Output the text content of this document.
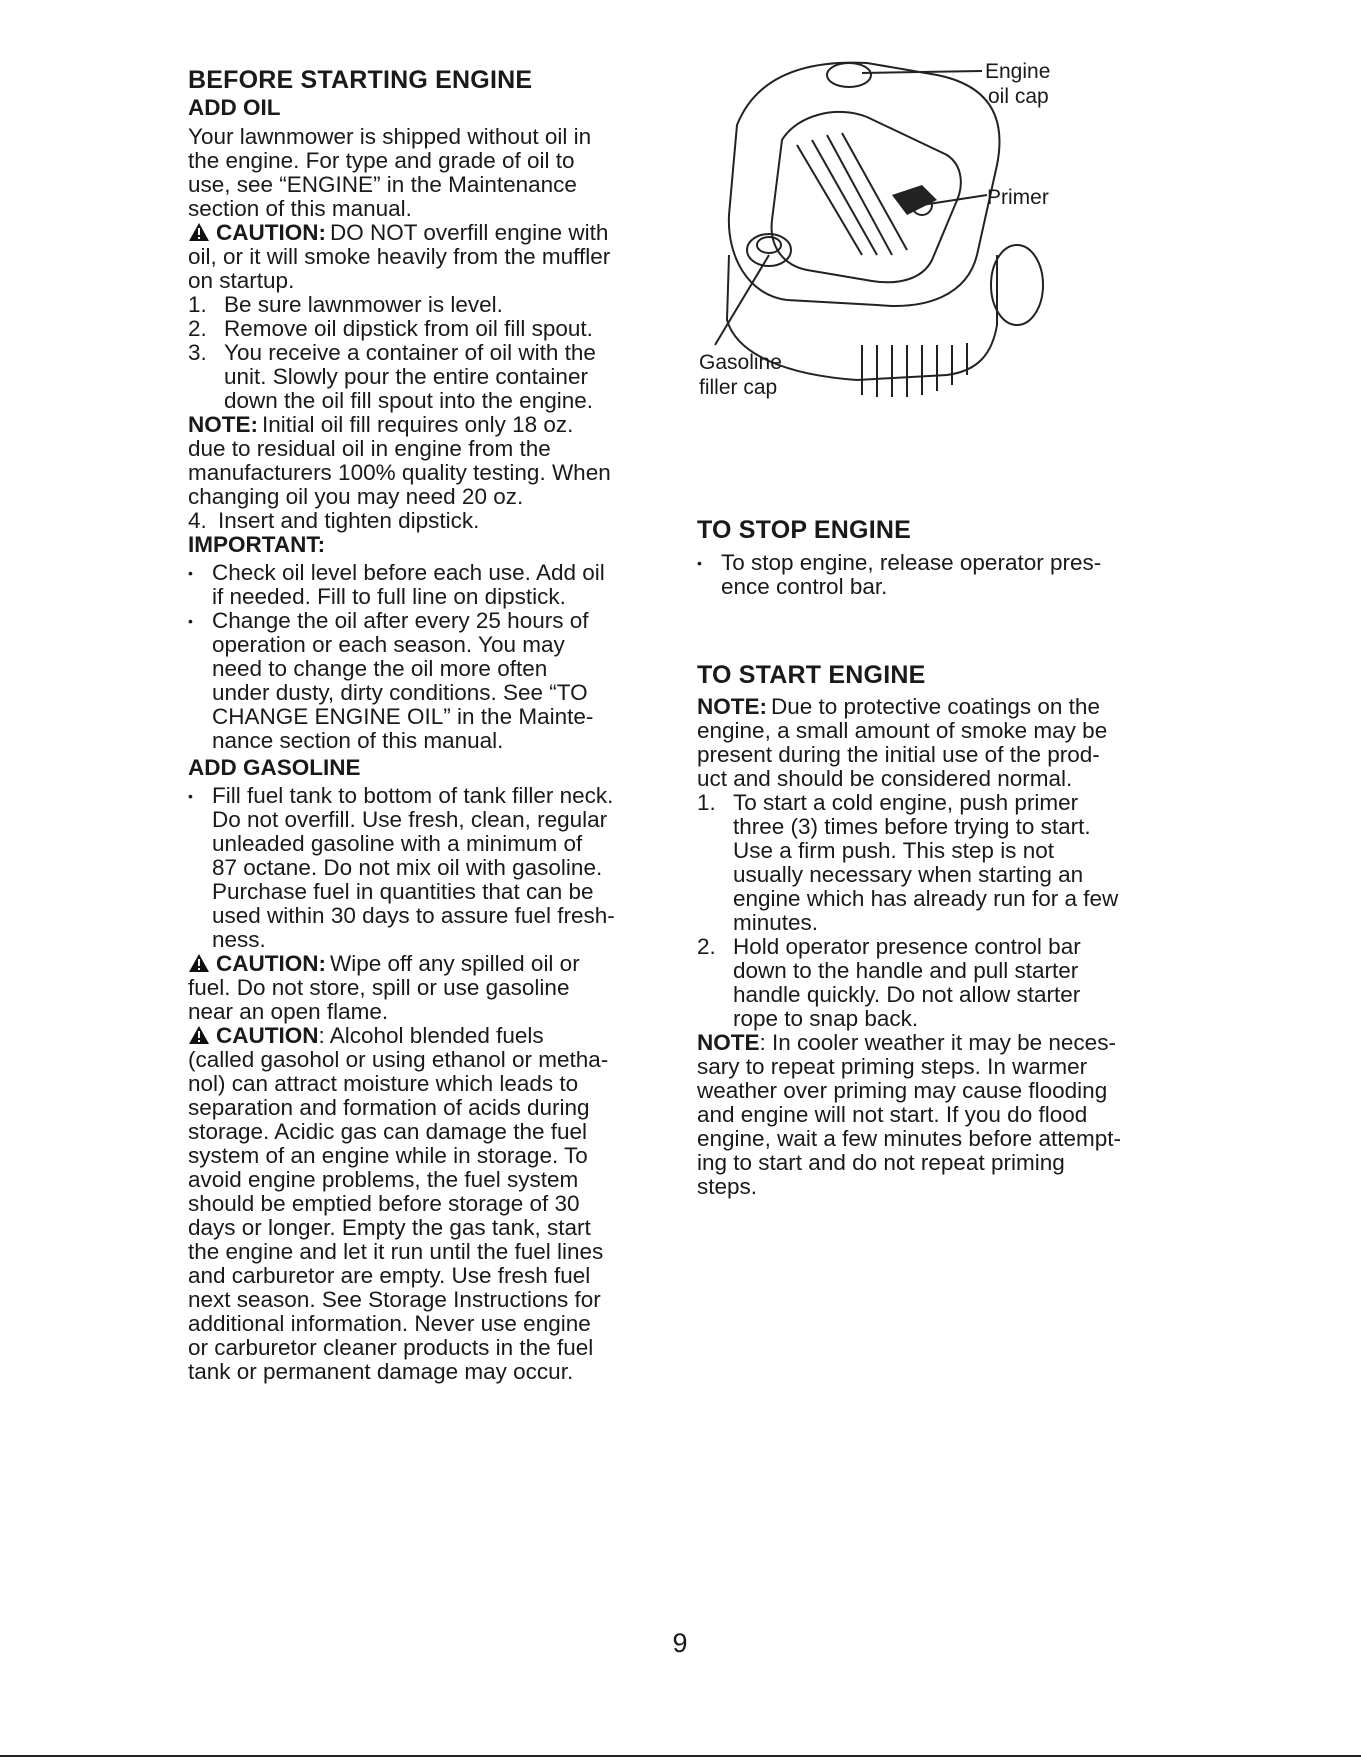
BEFORE STARTING ENGINE
ADD OIL
Your lawnmower is shipped without oil in
the engine. For type and grade of oil to
use, see “ENGINE” in the Maintenance
section of this manual.
CAUTION: DO NOT overfill engine with
oil, or it will smoke heavily from the muffler
on startup.
1. Be sure lawnmower is level.
2. Remove oil dipstick from oil fill spout.
3. You receive a container of oil with the
unit. Slowly pour the entire container
down the oil fill spout into the engine.
NOTE: Initial oil fill requires only 18 oz.
due to residual oil in engine from the
manufacturers 100% quality testing. When
changing oil you may need 20 oz.
4. Insert and tighten dipstick.
IMPORTANT:
• Check oil level before each use. Add oil
if needed. Fill to full line on dipstick.
• Change the oil after every 25 hours of
operation or each season. You may
need to change the oil more often
under dusty, dirty conditions. See “TO
CHANGE ENGINE OIL” in the Mainte-
nance section of this manual.
ADD GASOLINE
• Fill fuel tank to bottom of tank filler neck.
Do not overfill. Use fresh, clean, regular
unleaded gasoline with a minimum of
87 octane. Do not mix oil with gasoline.
Purchase fuel in quantities that can be
used within 30 days to assure fuel fresh-
ness.
CAUTION: Wipe off any spilled oil or
fuel. Do not store, spill or use gasoline
near an open flame.
CAUTION: Alcohol blended fuels
(called gasohol or using ethanol or metha-
nol) can attract moisture which leads to
separation and formation of acids during
storage. Acidic gas can damage the fuel
system of an engine while in storage. To
avoid engine problems, the fuel system
should be emptied before storage of 30
days or longer. Empty the gas tank, start
the engine and let it run until the fuel lines
and carburetor are empty. Use fresh fuel
next season. See Storage Instructions for
additional information. Never use engine
or carburetor cleaner products in the fuel
tank or permanent damage may occur.
Engine
oil cap
Primer
Gasoline
filler cap
TO STOP ENGINE
• To stop engine, release operator pres-
ence control bar.
TO START ENGINE
NOTE: Due to protective coatings on the
engine, a small amount of smoke may be
present during the initial use of the prod-
uct and should be considered normal.
1. To start a cold engine, push primer
three (3) times before trying to start.
Use a firm push. This step is not
usually necessary when starting an
engine which has already run for a few
minutes.
2. Hold operator presence control bar
down to the handle and pull starter
handle quickly. Do not allow starter
rope to snap back.
NOTE: In cooler weather it may be neces-
sary to repeat priming steps. In warmer
weather over priming may cause flooding
and engine will not start. If you do flood
engine, wait a few minutes before attempt-
ing to start and do not repeat priming
steps.
9
